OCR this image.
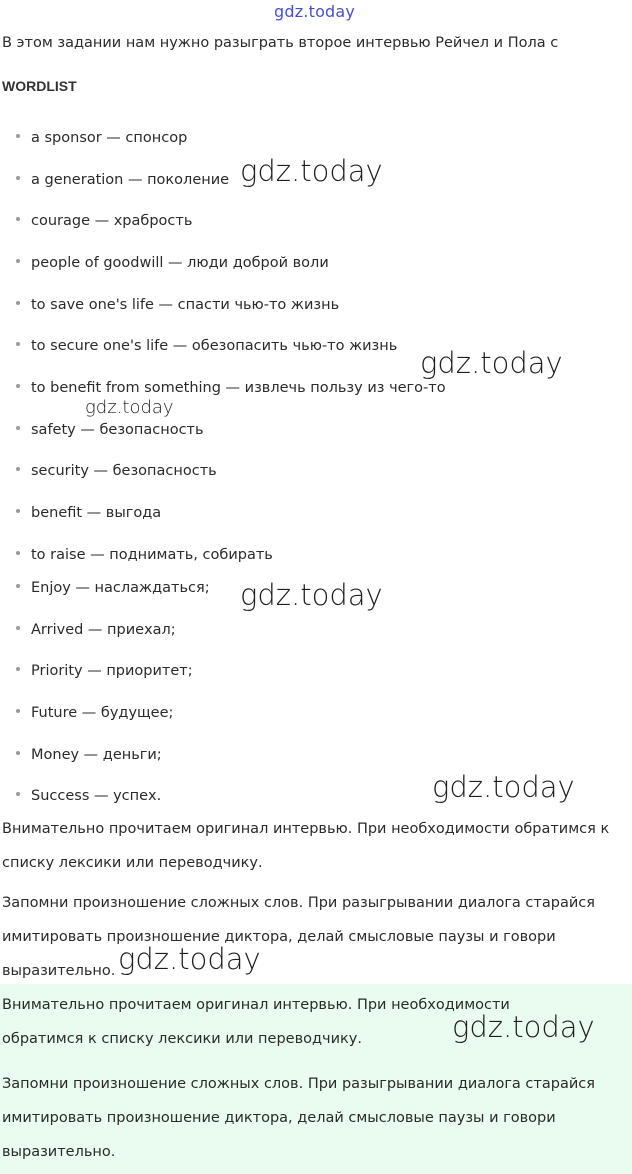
gdz.today
В этом задании нам нужно разыграть второе интервью Рейчел и Пола с
WORDLIST
a sponsor — спонсор
a generation — поколение
courage — храбрость
people of goodwill — люди доброй воли
to save one's life — спасти чью-то жизнь
to secure one's life — обезопасить чью-то жизнь
to benefit from something — извлечь пользу из чего-то
safety — безопасность
security — безопасность
benefit — выгода
to raise — поднимать, собирать
Enjoy — наслаждаться;
Arrived — приехал;
Priority — приоритет;
Future — будущее;
Money — деньги;
Success — успех.
Внимательно прочитаем оригинал интервью. При необходимости обратимся к списку лексики или переводчику.
Запомни произношение сложных слов. При разыгрывании диалога старайся имитировать произношение диктора, делай смысловые паузы и говори выразительно.
Внимательно прочитаем оригинал интервью. При необходимости обратимся к списку лексики или переводчику.
Запомни произношение сложных слов. При разыгрывании диалога старайся имитировать произношение диктора, делай смысловые паузы и говори выразительно.
gdz.today
gdz.today
gdz.today
gdz.today
gdz.today
gdz.today
gdz.today
